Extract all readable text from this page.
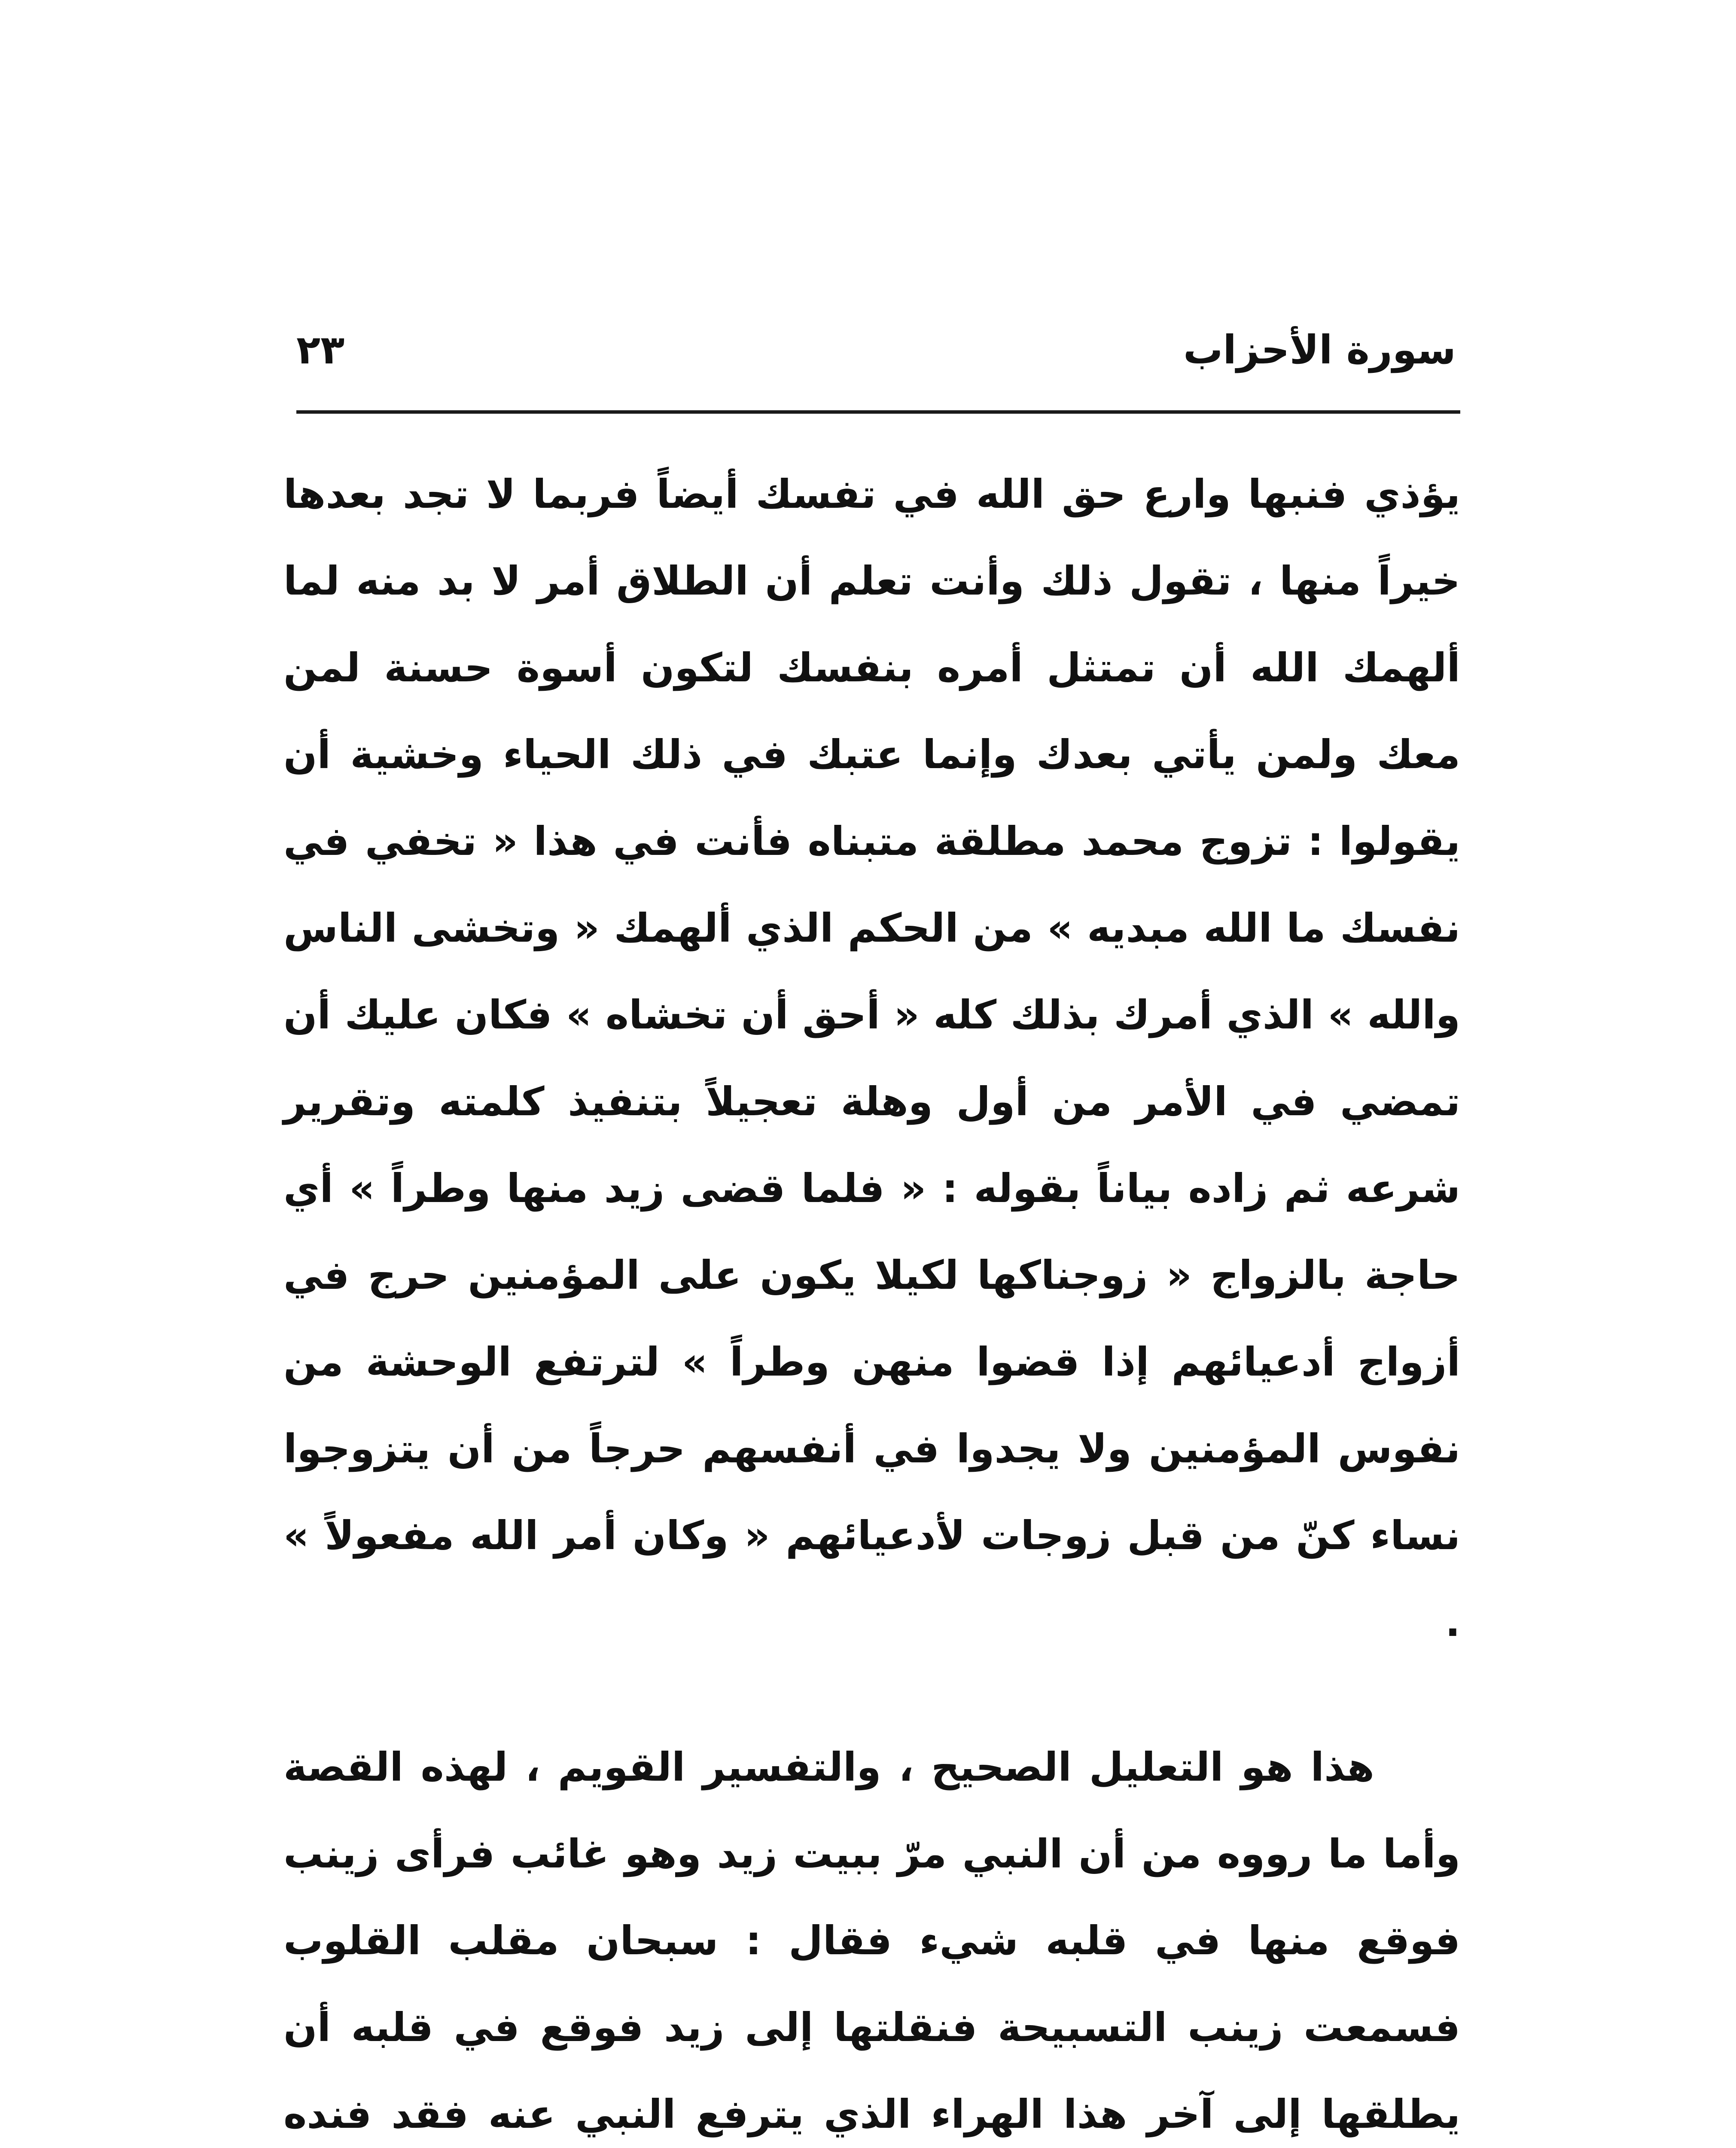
سورة الأحزاب
٢٣

يؤذي فنبها وارع حق الله في تفسك أيضاً فربما لا تجد بعدها خيراً منها ، تقول ذلك وأنت تعلم أن الطلاق أمر لا بد منه لما ألهمك الله أن تمتثل أمره بنفسك لتكون أسوة حسنة لمن معك ولمن يأتي بعدك وإنما عتبك في ذلك الحياء وخشية أن يقولوا : تزوج محمد مطلقة متبناه فأنت في هذا « تخفي في نفسك ما الله مبديه » من الحكم الذي ألهمك « وتخشى الناس والله » الذي أمرك بذلك كله « أحق أن تخشاه » فكان عليك أن تمضي في الأمر من أول وهلة تعجيلاً بتنفيذ كلمته وتقرير شرعه ثم زاده بياناً بقوله : « فلما قضى زيد منها وطراً » أي حاجة بالزواج « زوجناكها لكيلا يكون على المؤمنين حرج في أزواج أدعيائهم إذا قضوا منهن وطراً » لترتفع الوحشة من نفوس المؤمنين ولا يجدوا في أنفسهم حرجاً من أن يتزوجوا نساء كنّ من قبل زوجات لأدعيائهم « وكان أمر الله مفعولاً » .

هذا هو التعليل الصحيح ، والتفسير القويم ، لهذه القصة وأما ما رووه من أن النبي مرّ ببيت زيد وهو غائب فرأى زينب فوقع منها في قلبه شيء فقال : سبحان مقلب القلوب فسمعت زينب التسبيحة فنقلتها إلى زيد فوقع في قلبه أن يطلقها إلى آخر هذا الهراء الذي يترفع النبي عنه فقد فنده
